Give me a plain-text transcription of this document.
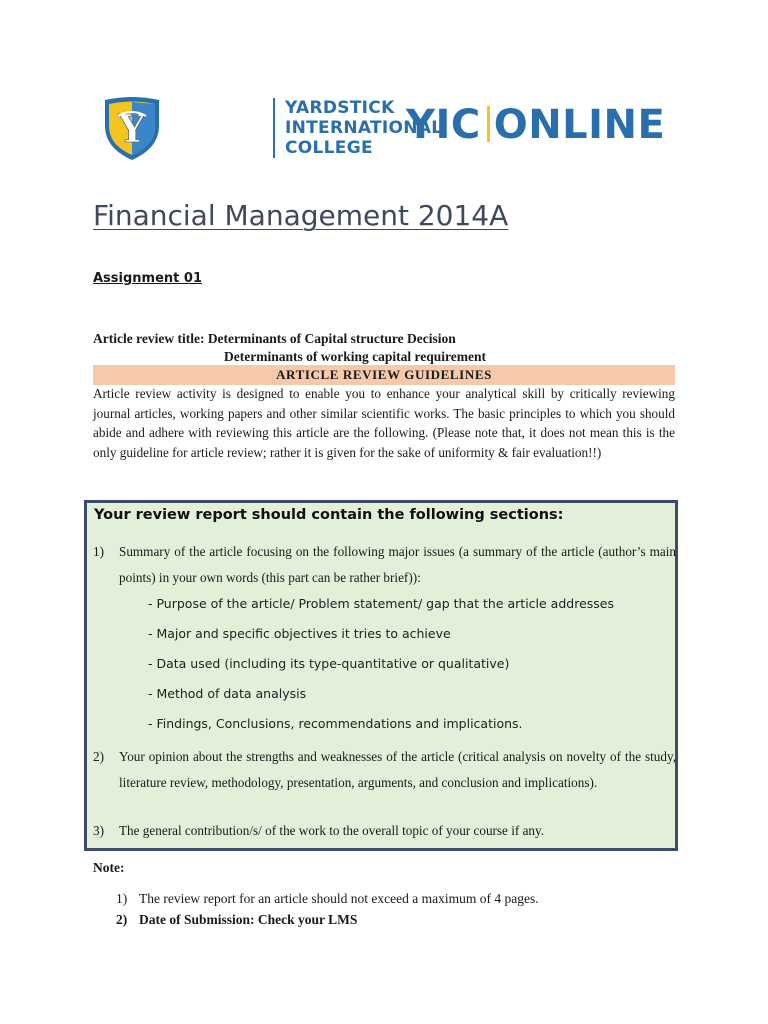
Y	YARDSTICK
INTERNATIONAL
COLLEGE YIC ONLINE
Financial Management 2014A
Assignment 01
Article review title: Determinants of Capital structure Decision
Determinants of working capital requirement
ARTICLE REVIEW GUIDELINES
Article review activity is designed to enable you to enhance your analytical skill by critically reviewing journal articles, working papers and other similar scientific works. The basic principles to which you should abide and adhere with reviewing this article are the following. (Please note that, it does not mean this is the only guideline for article review; rather it is given for the sake of uniformity & fair evaluation!!)
Your review report should contain the following sections:
1) Summary of the article focusing on the following major issues (a summary of the article (author’s main points) in your own words (this part can be rather brief)):
- Purpose of the article/ Problem statement/ gap that the article addresses
- Major and specific objectives it tries to achieve
- Data used (including its type-quantitative or qualitative)
- Method of data analysis
- Findings, Conclusions, recommendations and implications.
2) Your opinion about the strengths and weaknesses of the article (critical analysis on novelty of the study, literature review, methodology, presentation, arguments, and conclusion and implications).
3) The general contribution/s/ of the work to the overall topic of your course if any.
Note:
1) The review report for an article should not exceed a maximum of 4 pages.
2) Date of Submission: Check your LMS
